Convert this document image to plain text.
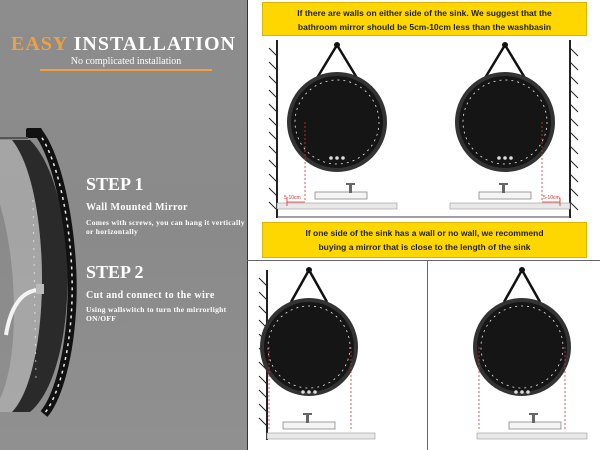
EASY INSTALLATION
No complicated installation
STEP 1
Wall Mounted Mirror
Comes with screws, you can hang it vertically or horizontally
STEP 2
Cut and connect to the wire
Using wallswitch to turn the mirrorlight ON/OFF
If there are walls on either side of the sink. We suggest that the
bathroom mirror should be 5cm-10cm less than the washbasin
If one side of the sink has a wall or no wall, we recommend
buying a mirror that is close to the length of the sink
5-10cm	5-10cm
